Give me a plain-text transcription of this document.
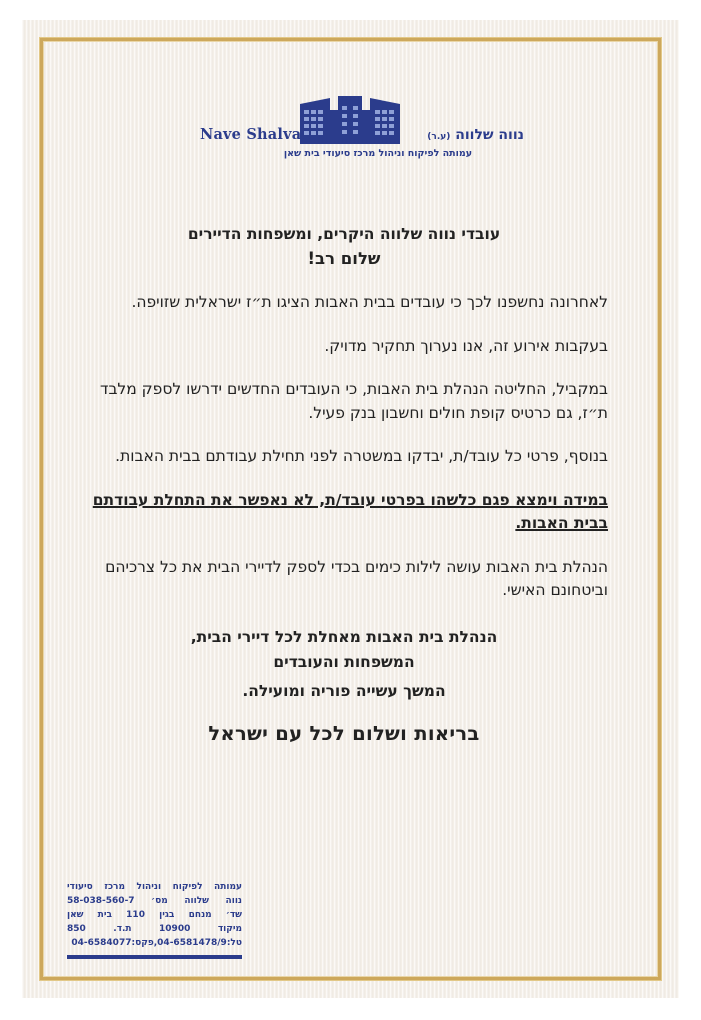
Nave Shalva	נווה שלווה (ע.ר)
עמותה לפיקוח וניהול מרכז סיעודי בית שאן

עובדי נווה שלווה היקרים, ומשפחות הדיירים

שלום רב!

לאחרונה נחשפנו לכך כי עובדים בבית האבות הציגו ת״ז ישראלית שזויפה.

בעקבות אירוע זה, אנו נערוך תחקיר מדויק.

במקביל, החליטה הנהלת בית האבות, כי העובדים החדשים ידרשו לספק מלבד ת״ז, גם כרטיס קופת חולים וחשבון בנק פעיל.

בנוסף, פרטי כל עובד/ת, יבדקו במשטרה לפני תחילת עבודתם בבית האבות.

במידה וימצא פגם כלשהו בפרטי עובד/ת, לא נאפשר את התחלת עבודתם בבית האבות.

הנהלת בית האבות עושה לילות כימים בכדי לספק לדיירי הבית את כל צרכיהם וביטחונם האישי.

הנהלת בית האבות מאחלת לכל דיירי הבית,

המשפחות והעובדים

המשך עשייה פוריה ומועילה.

בריאות ושלום לכל עם ישראל

עמותה לפיקוח וניהול מרכז סיעודי
נווה שלווה מס׳ 58-038-560-7
שד׳ מנחם בגין 110 בית שאן
מיקוד 10900 ת.ד. 850
טל:04-6581478/9,פקס:04-6584077
